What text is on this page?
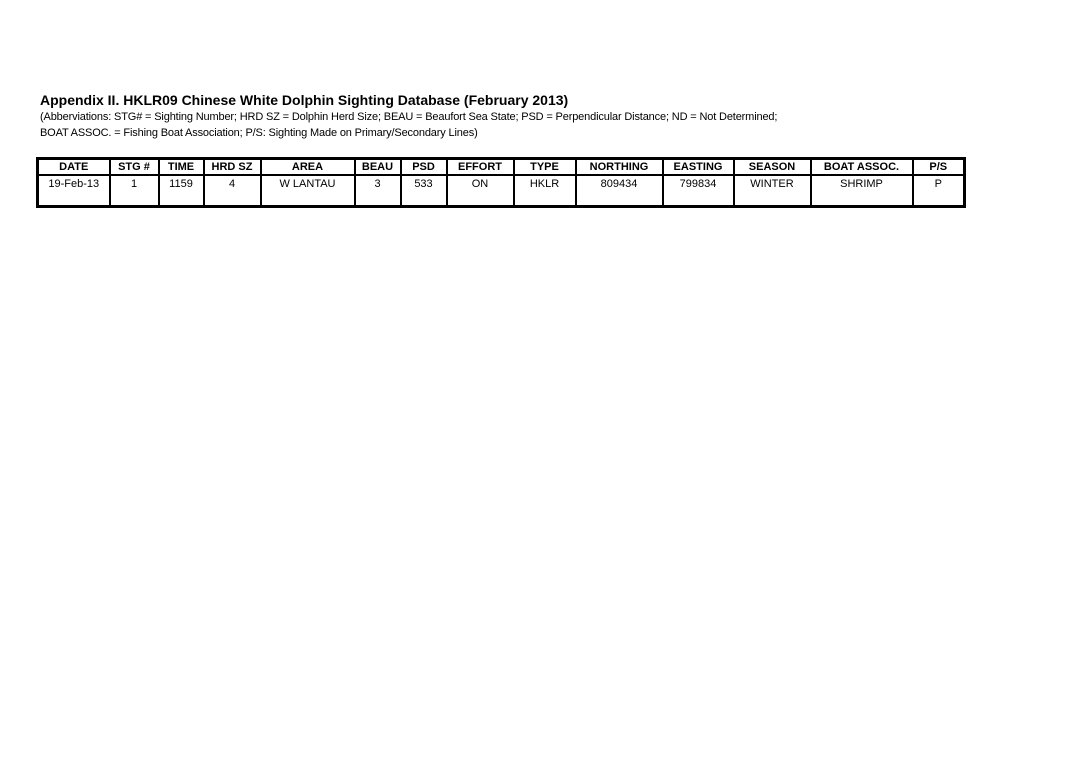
Appendix II. HKLR09 Chinese White Dolphin Sighting Database (February 2013)
(Abberviations: STG# = Sighting Number; HRD SZ = Dolphin Herd Size; BEAU = Beaufort Sea State; PSD = Perpendicular Distance; ND = Not Determined;
BOAT ASSOC. = Fishing Boat Association; P/S: Sighting Made on Primary/Secondary Lines)
DATE	STG #	TIME	HRD SZ	AREA	BEAU	PSD	EFFORT	TYPE	NORTHING	EASTING	SEASON	BOAT ASSOC.	P/S
19-Feb-13	1	1159	4	W LANTAU	3	533	ON	HKLR	809434	799834	WINTER	SHRIMP	P
